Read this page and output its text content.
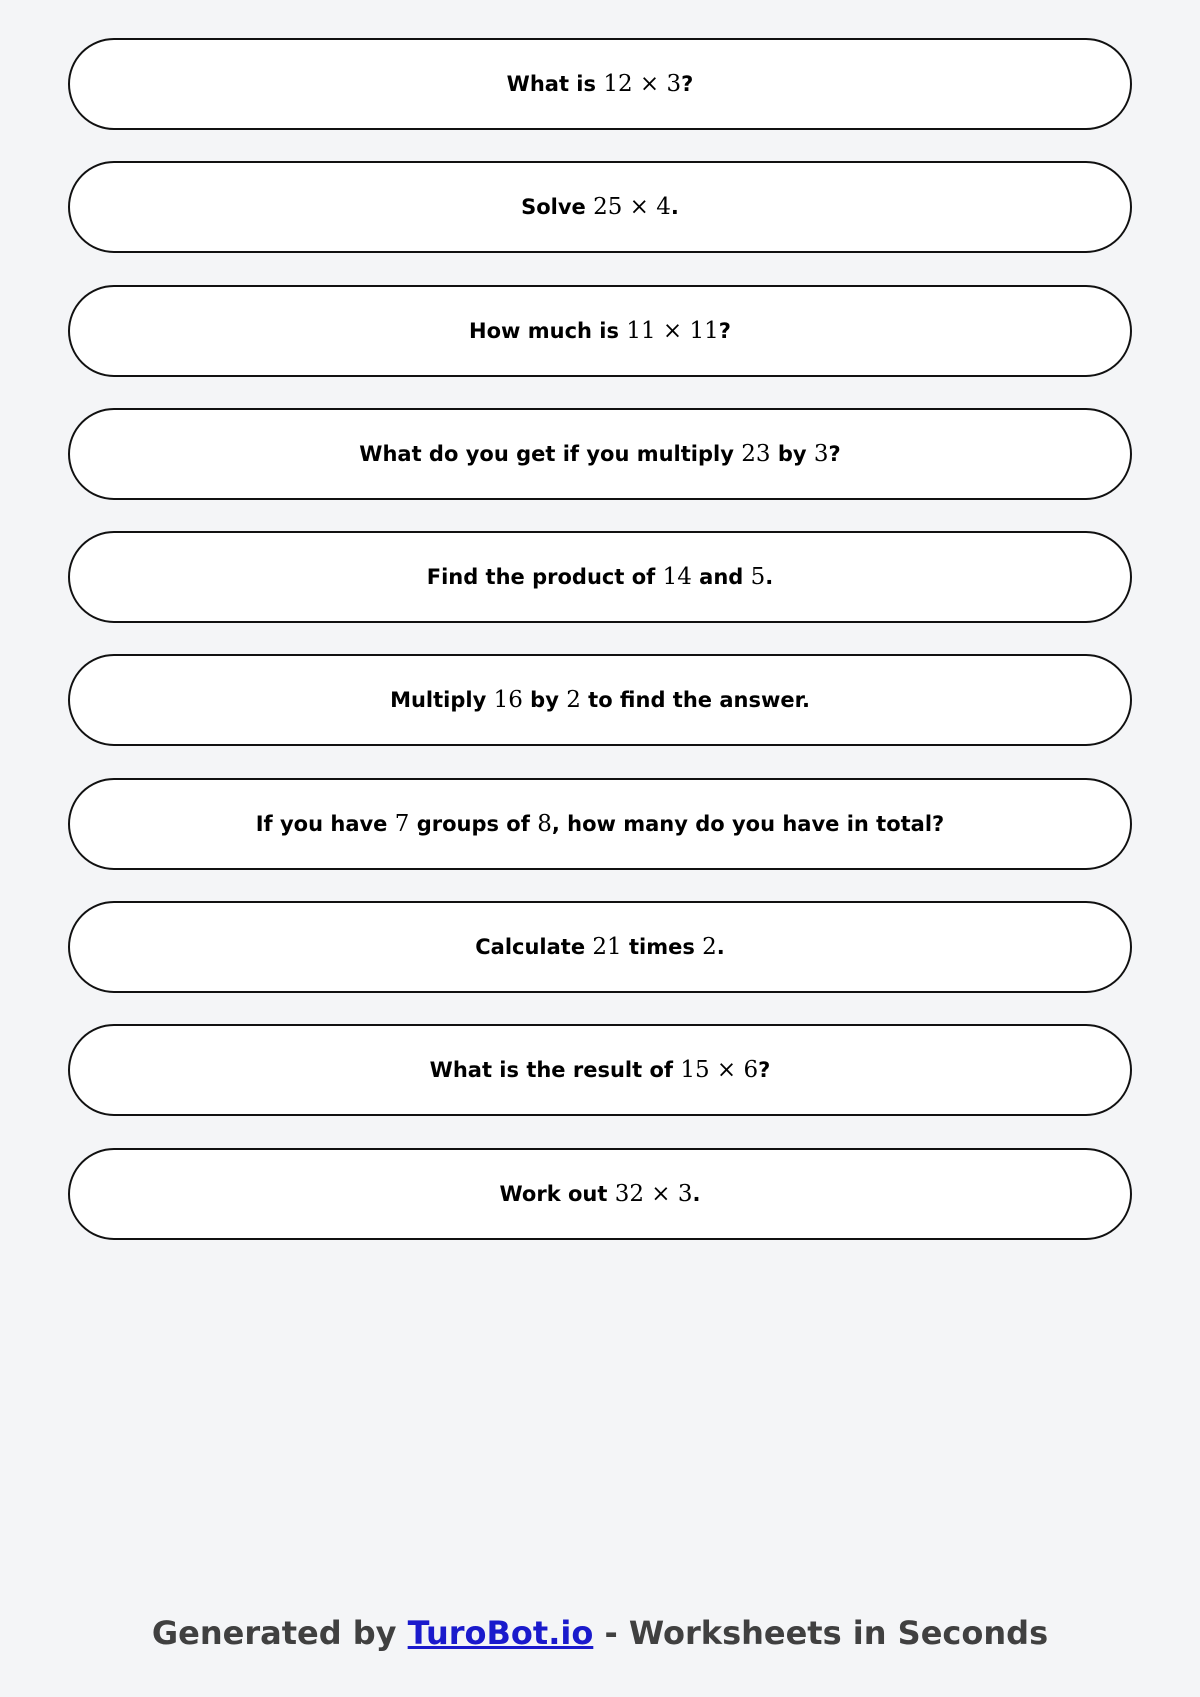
What is 12 × 3?
Solve 25 × 4.
How much is 11 × 11?
What do you get if you multiply 23 by 3?
Find the product of 14 and 5.
Multiply 16 by 2 to find the answer.
If you have 7 groups of 8, how many do you have in total?
Calculate 21 times 2.
What is the result of 15 × 6?
Work out 32 × 3.
Generated by TuroBot.io - Worksheets in Seconds
